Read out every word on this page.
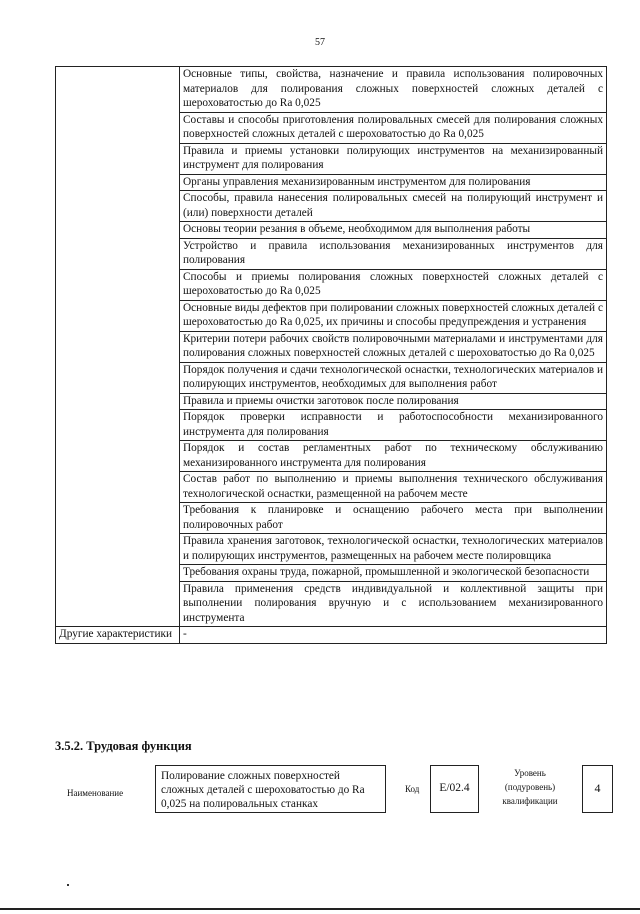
57
	Основные типы, свойства, назначение и правила использования полировочных материалов для полирования сложных поверхностей сложных деталей с шероховатостью до Ra 0,025
	Составы и способы приготовления полировальных смесей для полирования сложных поверхностей сложных деталей с шероховатостью до Ra 0,025
	Правила и приемы установки полирующих инструментов на механизированный инструмент для полирования
	Органы управления механизированным инструментом для полирования
	Способы, правила нанесения полировальных смесей на полирующий инструмент и (или) поверхности деталей
	Основы теории резания в объеме, необходимом для выполнения работы
	Устройство и правила использования механизированных инструментов для полирования
	Способы и приемы полирования сложных поверхностей сложных деталей с шероховатостью до Ra 0,025
	Основные виды дефектов при полировании сложных поверхностей сложных деталей с шероховатостью до Ra 0,025, их причины и способы предупреждения и устранения
	Критерии потери рабочих свойств полировочными материалами и инструментами для полирования сложных поверхностей сложных деталей с шероховатостью до Ra 0,025
	Порядок получения и сдачи технологической оснастки, технологических материалов и полирующих инструментов, необходимых для выполнения работ
	Правила и приемы очистки заготовок после полирования
	Порядок проверки исправности и работоспособности механизированного инструмента для полирования
	Порядок и состав регламентных работ по техническому обслуживанию механизированного инструмента для полирования
	Состав работ по выполнению и приемы выполнения технического обслуживания технологической оснастки, размещенной на рабочем месте
	Требования к планировке и оснащению рабочего места при выполнении полировочных работ
	Правила хранения заготовок, технологической оснастки, технологических материалов и полирующих инструментов, размещенных на рабочем месте полировщика
	Требования охраны труда, пожарной, промышленной и экологической безопасности
	Правила применения средств индивидуальной и коллективной защиты при выполнении полирования вручную и с использованием механизированного инструмента
Другие характеристики	-
3.5.2. Трудовая функция
Наименование
Полирование сложных поверхностей сложных деталей с шероховатостью до Ra 0,025 на полировальных станках
Код	E/02.4
Уровень (подуровень) квалификации
4
